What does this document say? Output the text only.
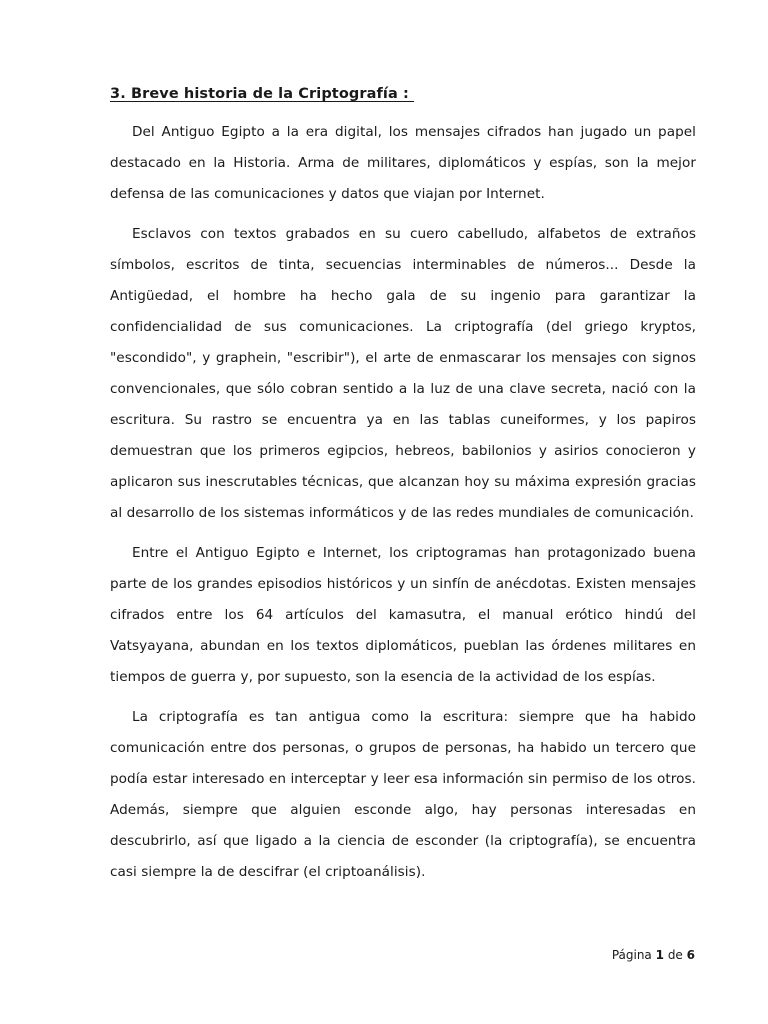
3. Breve historia de la Criptografía :

Del Antiguo Egipto a la era digital, los mensajes cifrados han jugado un papel destacado en la Historia. Arma de militares, diplomáticos y espías, son la mejor defensa de las comunicaciones y datos que viajan por Internet.

Esclavos con textos grabados en su cuero cabelludo, alfabetos de extraños símbolos, escritos de tinta, secuencias interminables de números... Desde la Antigüedad, el hombre ha hecho gala de su ingenio para garantizar la confidencialidad de sus comunicaciones. La criptografía (del griego kryptos, "escondido", y graphein, "escribir"), el arte de enmascarar los mensajes con signos convencionales, que sólo cobran sentido a la luz de una clave secreta, nació con la escritura. Su rastro se encuentra ya en las tablas cuneiformes, y los papiros demuestran que los primeros egipcios, hebreos, babilonios y asirios conocieron y aplicaron sus inescrutables técnicas, que alcanzan hoy su máxima expresión gracias al desarrollo de los sistemas informáticos y de las redes mundiales de comunicación.

Entre el Antiguo Egipto e Internet, los criptogramas han protagonizado buena parte de los grandes episodios históricos y un sinfín de anécdotas. Existen mensajes cifrados entre los 64 artículos del kamasutra, el manual erótico hindú del Vatsyayana, abundan en los textos diplomáticos, pueblan las órdenes militares en tiempos de guerra y, por supuesto, son la esencia de la actividad de los espías.

La criptografía es tan antigua como la escritura: siempre que ha habido comunicación entre dos personas, o grupos de personas, ha habido un tercero que podía estar interesado en interceptar y leer esa información sin permiso de los otros. Además, siempre que alguien esconde algo, hay personas interesadas en descubrirlo, así que ligado a la ciencia de esconder (la criptografía), se encuentra casi siempre la de descifrar (el criptoanálisis).

Página 1 de 6
